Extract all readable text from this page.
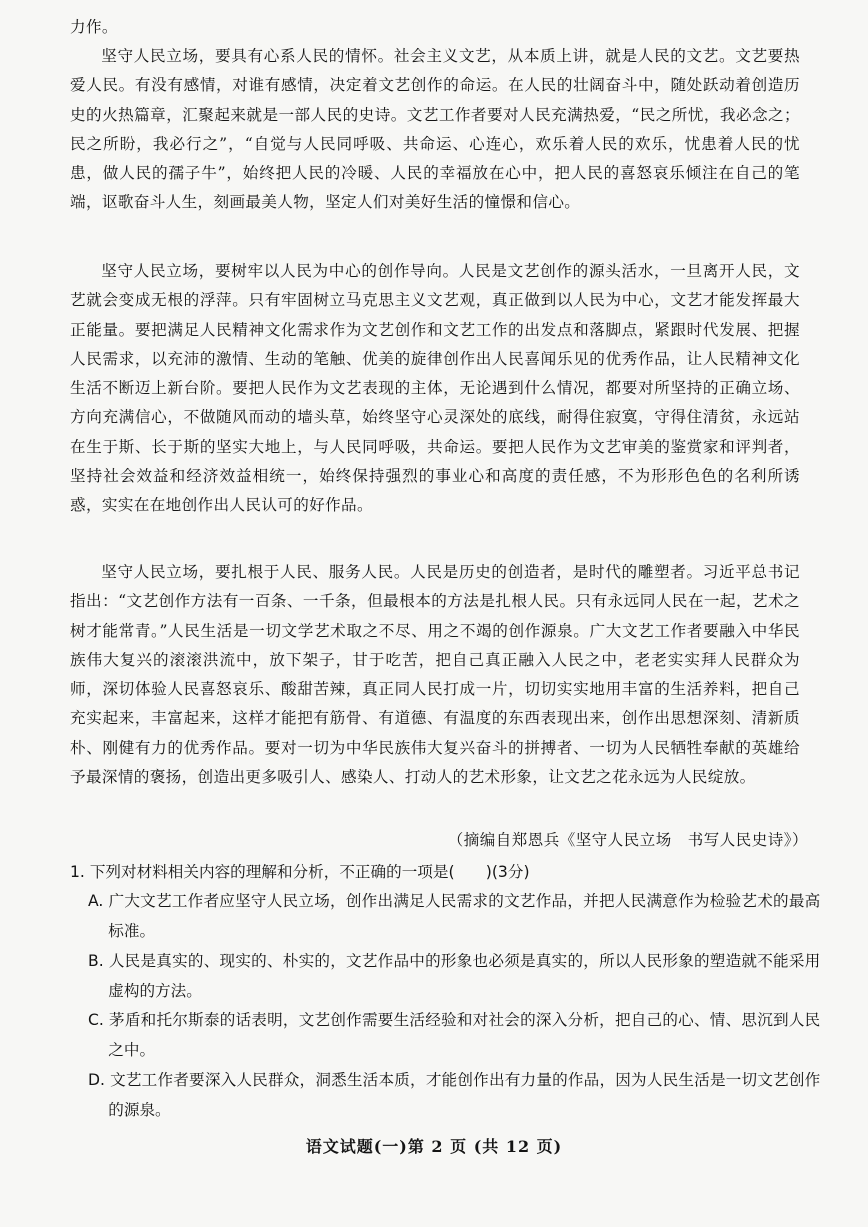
力作。

坚守人民立场，要具有心系人民的情怀。社会主义文艺，从本质上讲，就是人民的文艺。文艺要热爱人民。有没有感情，对谁有感情，决定着文艺创作的命运。在人民的壮阔奋斗中，随处跃动着创造历史的火热篇章，汇聚起来就是一部人民的史诗。文艺工作者要对人民充满热爱，“民之所忧，我必念之；民之所盼，我必行之”，“自觉与人民同呼吸、共命运、心连心，欢乐着人民的欢乐，忧患着人民的忧患，做人民的孺子牛”，始终把人民的冷暖、人民的幸福放在心中，把人民的喜怒哀乐倾注在自己的笔端，讴歌奋斗人生，刻画最美人物，坚定人们对美好生活的憧憬和信心。

坚守人民立场，要树牢以人民为中心的创作导向。人民是文艺创作的源头活水，一旦离开人民，文艺就会变成无根的浮萍。只有牢固树立马克思主义文艺观，真正做到以人民为中心，文艺才能发挥最大正能量。要把满足人民精神文化需求作为文艺创作和文艺工作的出发点和落脚点，紧跟时代发展、把握人民需求，以充沛的激情、生动的笔触、优美的旋律创作出人民喜闻乐见的优秀作品，让人民精神文化生活不断迈上新台阶。要把人民作为文艺表现的主体，无论遇到什么情况，都要对所坚持的正确立场、方向充满信心，不做随风而动的墙头草，始终坚守心灵深处的底线，耐得住寂寞，守得住清贫，永远站在生于斯、长于斯的坚实大地上，与人民同呼吸，共命运。要把人民作为文艺审美的鉴赏家和评判者，坚持社会效益和经济效益相统一，始终保持强烈的事业心和高度的责任感，不为形形色色的名利所诱惑，实实在在地创作出人民认可的好作品。

坚守人民立场，要扎根于人民、服务人民。人民是历史的创造者，是时代的雕塑者。习近平总书记指出：“文艺创作方法有一百条、一千条，但最根本的方法是扎根人民。只有永远同人民在一起，艺术之树才能常青。”人民生活是一切文学艺术取之不尽、用之不竭的创作源泉。广大文艺工作者要融入中华民族伟大复兴的滚滚洪流中，放下架子，甘于吃苦，把自己真正融入人民之中，老老实实拜人民群众为师，深切体验人民喜怒哀乐、酸甜苦辣，真正同人民打成一片，切切实实地用丰富的生活养料，把自己充实起来，丰富起来，这样才能把有筋骨、有道德、有温度的东西表现出来，创作出思想深刻、清新质朴、刚健有力的优秀作品。要对一切为中华民族伟大复兴奋斗的拼搏者、一切为人民牺牲奉献的英雄给予最深情的褒扬，创造出更多吸引人、感染人、打动人的艺术形象，让文艺之花永远为人民绽放。

（摘编自郑恩兵《坚守人民立场　书写人民史诗》）

1. 下列对材料相关内容的理解和分析，不正确的一项是(　　)(3分)

A. 广大文艺工作者应坚守人民立场，创作出满足人民需求的文艺作品，并把人民满意作为检验艺术的最高标准。

B. 人民是真实的、现实的、朴实的，文艺作品中的形象也必须是真实的，所以人民形象的塑造就不能采用虚构的方法。

C. 茅盾和托尔斯泰的话表明，文艺创作需要生活经验和对社会的深入分析，把自己的心、情、思沉到人民之中。

D. 文艺工作者要深入人民群众，洞悉生活本质，才能创作出有力量的作品，因为人民生活是一切文艺创作的源泉。

语文试题(一)第 2 页 (共 12 页)
